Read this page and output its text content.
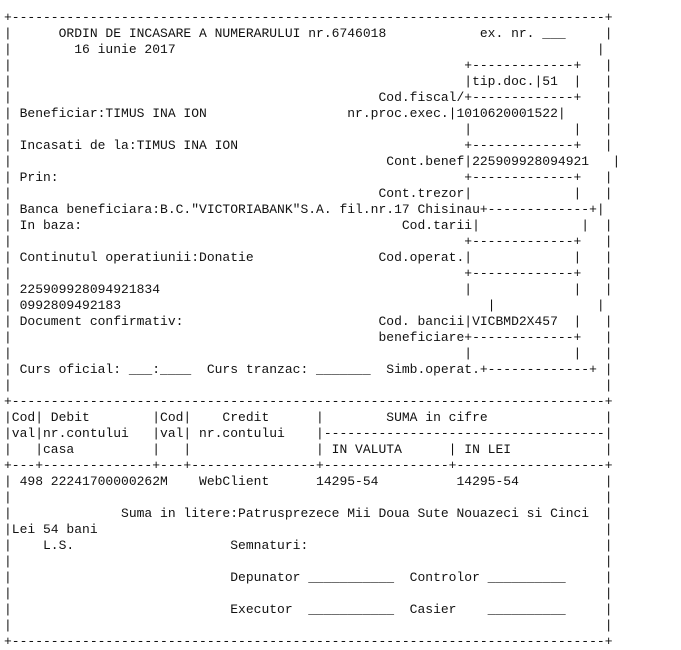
+----------------------------------------------------------------------------+
|      ORDIN DE INCASARE A NUMERARULUI nr.6746018            ex. nr. ___     |
|        16 iunie 2017                                                      |
|                                                          +-------------+   |
|                                                          |tip.doc.|51  |   |
|                                               Cod.fiscal/+-------------+   |
| Beneficiar:TIMUS INA ION                  nr.proc.exec.|1010620001522|     |
|                                                          |             |   |
| Incasati de la:TIMUS INA ION                             +-------------+   |
|                                                Cont.benef|225909928094921   |
| Prin:                                                    +-------------+   |
|                                               Cont.trezor|             |   |
| Banca beneficiara:B.C."VICTORIABANK"S.A. fil.nr.17 Chisinau+-------------+|
| In baza:                                         Cod.tarii|             |  |
|                                                          +-------------+   |
| Continutul operatiunii:Donatie                Cod.operat.|             |   |
|                                                          +-------------+   |
| 225909928094921834                                       |             |   |
| 0992809492183                                               |             |
| Document confirmativ:                         Cod. bancii|VICBMD2X457  |   |
|                                               beneficiare+-------------+   |
|                                                          |             |   |
| Curs oficial: ___:____  Curs tranzac: _______  Simb.operat.+-------------+ |
|                                                                            |
+----------------------------------------------------------------------------+
|Cod| Debit        |Cod|    Credit      |        SUMA in cifre               |
|val|nr.contului   |val| nr.contului    |------------------------------------|
|   |casa          |   |                | IN VALUTA      | IN LEI            |
+---+--------------+---+----------------+----------------+-------------------+
| 498 22241700000262M    WebClient      14295-54          14295-54           |
|                                                                            |
|              Suma in litere:Patrusprezece Mii Doua Sute Nouazeci si Cinci  |
|Lei 54 bani                                                                 |
|    L.S.                    Semnaturi:                                      |
|                                                                            |
|                            Depunator ___________  Controlor __________     |
|                                                                            |
|                            Executor  ___________  Casier    __________     |
|                                                                            |
+----------------------------------------------------------------------------+
